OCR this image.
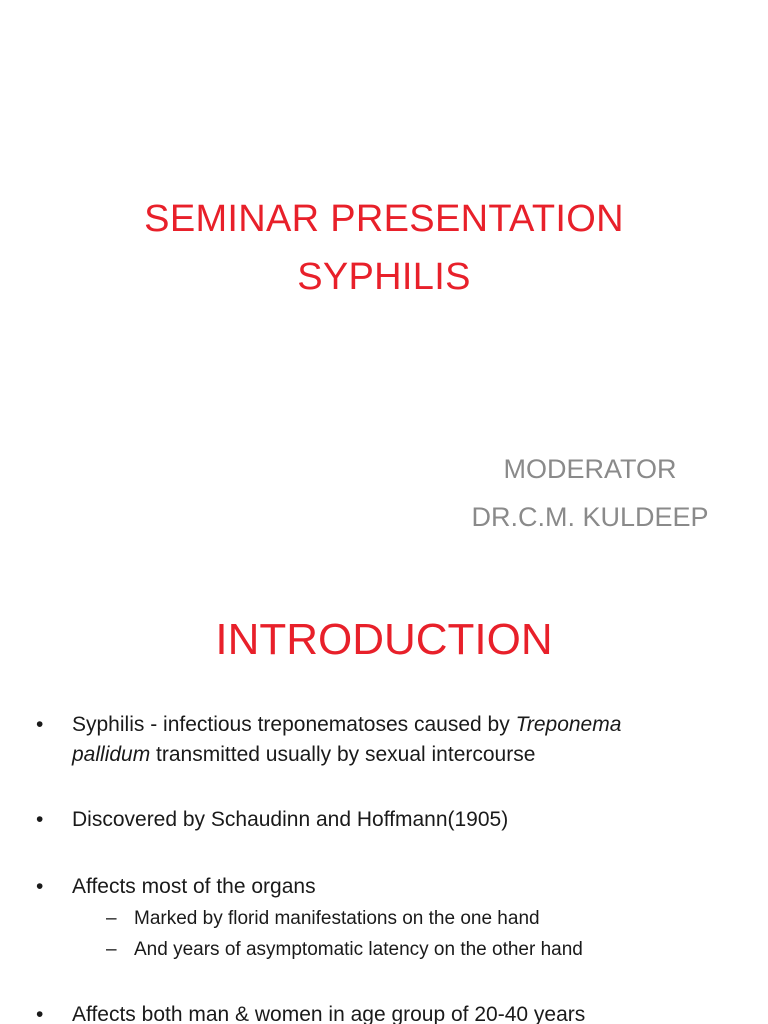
SEMINAR PRESENTATION
SYPHILIS
MODERATOR
DR.C.M. KULDEEP
INTRODUCTION
•	Syphilis - infectious treponematoses caused by Treponema
pallidum transmitted usually by sexual intercourse
•	Discovered by Schaudinn and Hoffmann(1905)
•	Affects most of the organs
– Marked by florid manifestations on the one hand
– And years of asymptomatic latency on the other hand
•	Affects both man & women in age group of 20-40 years
